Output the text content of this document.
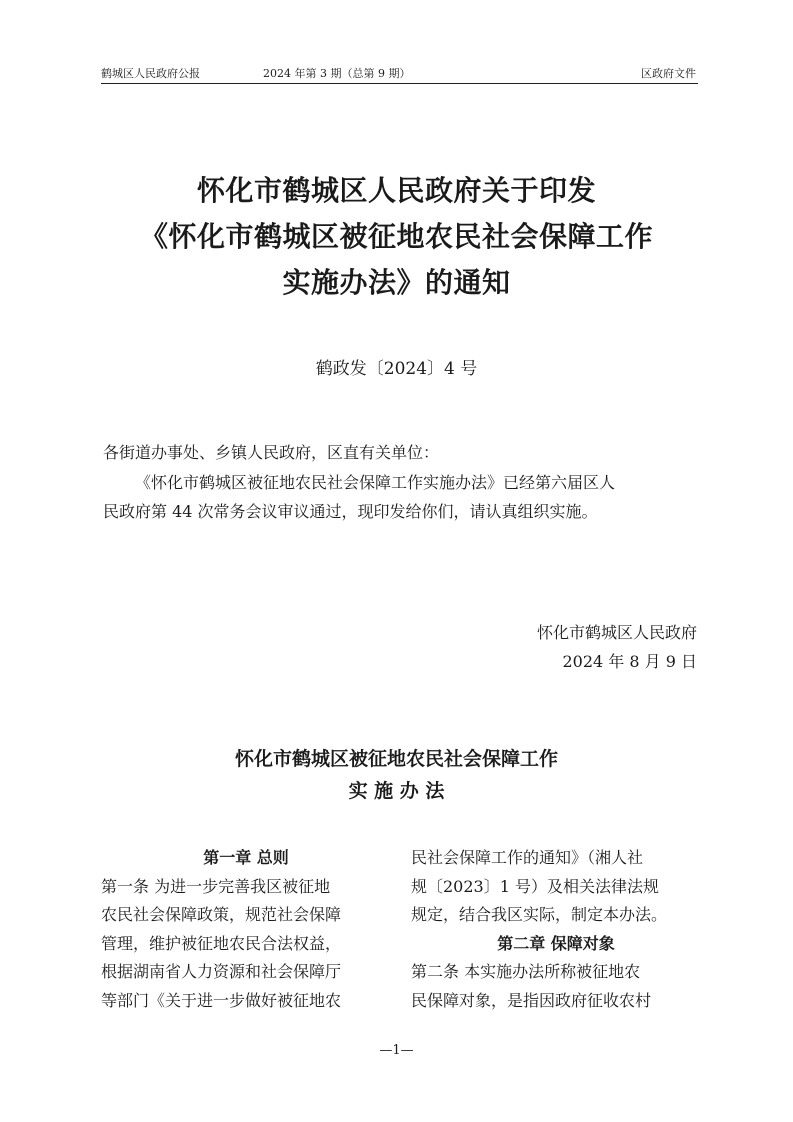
鹤城区人民政府公报	2024 年第 3 期（总第 9 期）	区政府文件
怀化市鹤城区人民政府关于印发
《怀化市鹤城区被征地农民社会保障工作
实施办法》的通知
鹤政发〔2024〕4 号
各街道办事处、乡镇人民政府，区直有关单位：
《怀化市鹤城区被征地农民社会保障工作实施办法》已经第六届区人
民政府第 44 次常务会议审议通过，现印发给你们，请认真组织实施。
怀化市鹤城区人民政府
2024 年 8 月 9 日
怀化市鹤城区被征地农民社会保障工作
实 施 办 法
第一章 总则
第一条 为进一步完善我区被征地
农民社会保障政策，规范社会保障
管理，维护被征地农民合法权益，
根据湖南省人力资源和社会保障厅
等部门《关于进一步做好被征地农
民社会保障工作的通知》（湘人社
规〔2023〕1 号）及相关法律法规
规定，结合我区实际，制定本办法。
第二章 保障对象
第二条 本实施办法所称被征地农
民保障对象，是指因政府征收农村
—1—
